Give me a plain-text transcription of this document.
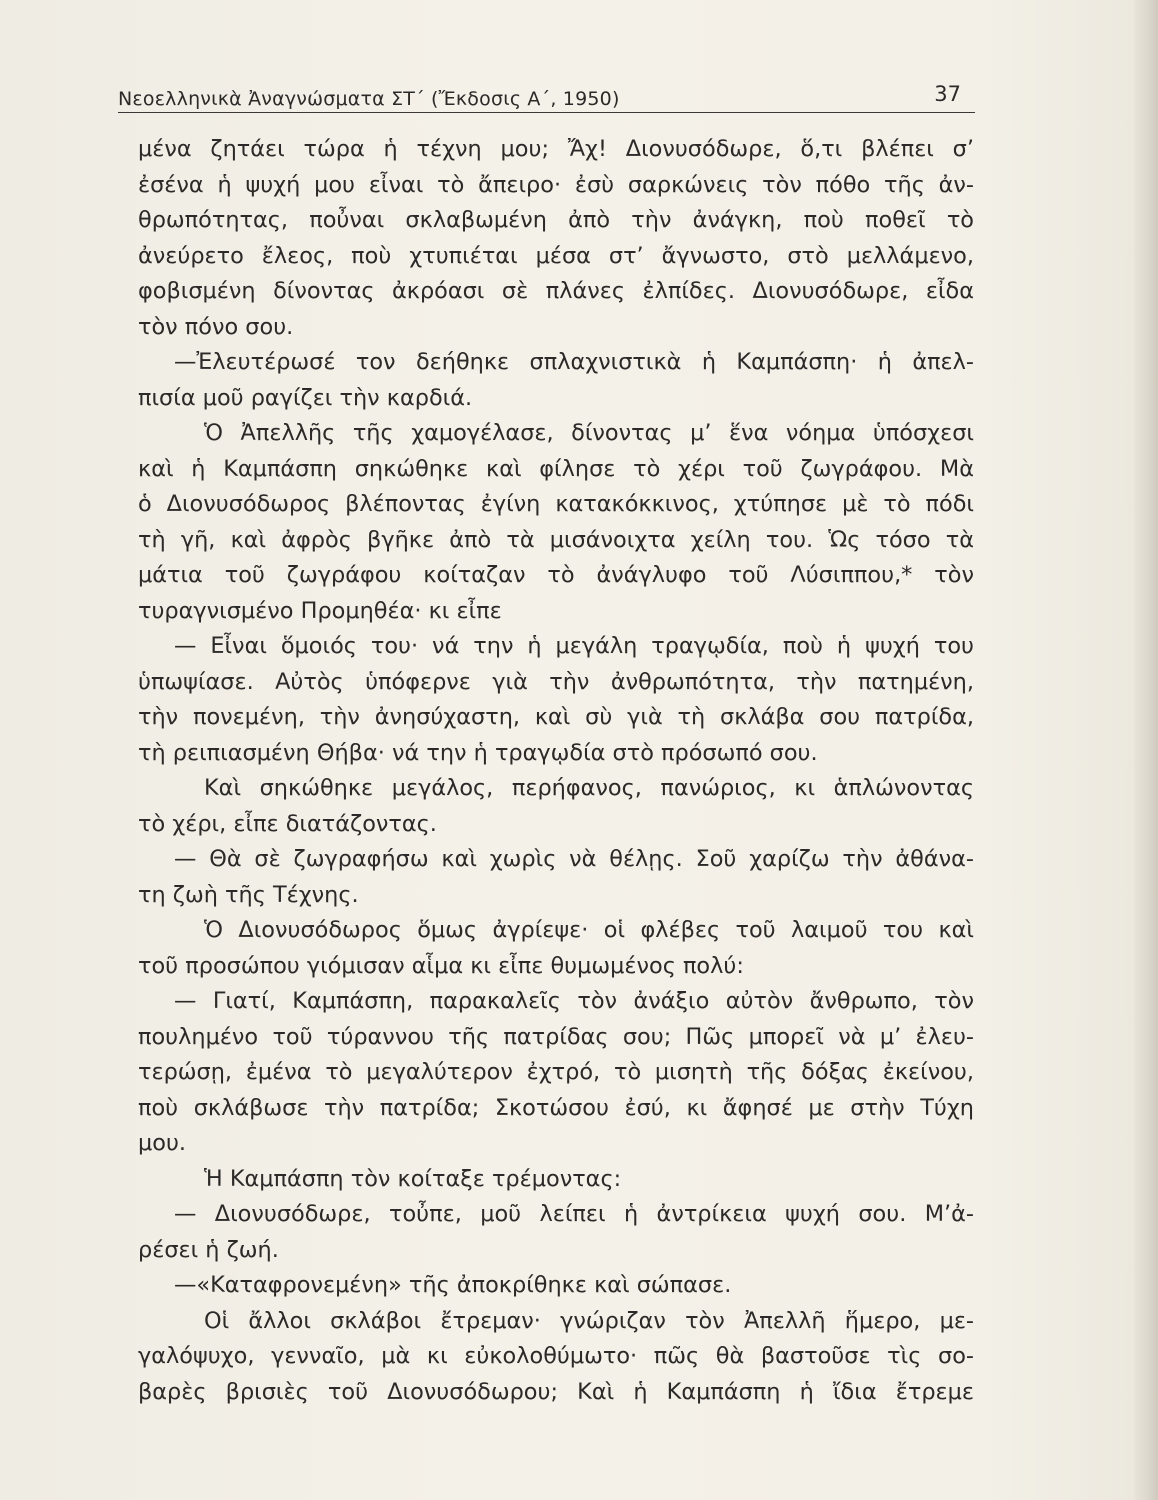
Νεοελληνικὰ Ἀναγνώσματα ΣΤ΄ (Ἔκδοσις Α΄, 1950)	37
μένα ζητάει τώρα ἡ τέχνη μου; Ἄχ! Διονυσόδωρε, ὅ,τι βλέπει σ’
ἐσένα ἡ ψυχή μου εἶναι τὸ ἄπειρο· ἐσὺ σαρκώνεις τὸν πόθο τῆς ἀν-
θρωπότητας, ποὖναι σκλαβωμένη ἀπὸ τὴν ἀνάγκη, ποὺ ποθεῖ τὸ
ἀνεύρετο ἔλεος, ποὺ χτυπιέται μέσα στ’ ἄγνωστο, στὸ μελλάμενο,
φοβισμένη δίνοντας ἀκρόασι σὲ πλάνες ἐλπίδες. Διονυσόδωρε, εἶδα
τὸν πόνο σου.
—Ἐλευτέρωσέ τον δεήθηκε σπλαχνιστικὰ ἡ Καμπάσπη· ἡ ἀπελ-
πισία μοῦ ραγίζει τὴν καρδιά.
Ὁ Ἀπελλῆς τῆς χαμογέλασε, δίνοντας μ’ ἕνα νόημα ὑπόσχεσι
καὶ ἡ Καμπάσπη σηκώθηκε καὶ φίλησε τὸ χέρι τοῦ ζωγράφου. Μὰ
ὁ Διονυσόδωρος βλέποντας ἐγίνη κατακόκκινος, χτύπησε μὲ τὸ πόδι
τὴ γῆ, καὶ ἀφρὸς βγῆκε ἀπὸ τὰ μισάνοιχτα χείλη του. Ὡς τόσο τὰ
μάτια τοῦ ζωγράφου κοίταζαν τὸ ἀνάγλυφο τοῦ Λύσιππου,* τὸν
τυραγνισμένο Προμηθέα· κι εἶπε
— Εἶναι ὅμοιός του· νά την ἡ μεγάλη τραγῳδία, ποὺ ἡ ψυχή του
ὑπωψίασε. Αὐτὸς ὑπόφερνε γιὰ τὴν ἀνθρωπότητα, τὴν πατημένη,
τὴν πονεμένη, τὴν ἀνησύχαστη, καὶ σὺ γιὰ τὴ σκλάβα σου πατρίδα,
τὴ ρειπιασμένη Θήβα· νά την ἡ τραγῳδία στὸ πρόσωπό σου.
Καὶ σηκώθηκε μεγάλος, περήφανος, πανώριος, κι ἁπλώνοντας
τὸ χέρι, εἶπε διατάζοντας.
— Θὰ σὲ ζωγραφήσω καὶ χωρὶς νὰ θέλῃς. Σοῦ χαρίζω τὴν ἀθάνα-
τη ζωὴ τῆς Τέχνης.
Ὁ Διονυσόδωρος ὅμως ἀγρίεψε· οἱ φλέβες τοῦ λαιμοῦ του καὶ
τοῦ προσώπου γιόμισαν αἷμα κι εἶπε θυμωμένος πολύ:
— Γιατί, Καμπάσπη, παρακαλεῖς τὸν ἀνάξιο αὐτὸν ἄνθρωπο, τὸν
πουλημένο τοῦ τύραννου τῆς πατρίδας σου; Πῶς μπορεῖ νὰ μ’ ἐλευ-
τερώσῃ, ἐμένα τὸ μεγαλύτερον ἐχτρό, τὸ μισητὴ τῆς δόξας ἐκείνου,
ποὺ σκλάβωσε τὴν πατρίδα; Σκοτώσου ἐσύ, κι ἄφησέ με στὴν Τύχη
μου.
Ἡ Καμπάσπη τὸν κοίταξε τρέμοντας:
— Διονυσόδωρε, τοὖπε, μοῦ λείπει ἡ ἀντρίκεια ψυχή σου. Μ’ἀ-
ρέσει ἡ ζωή.
—«Καταφρονεμένη» τῆς ἀποκρίθηκε καὶ σώπασε.
Οἱ ἄλλοι σκλάβοι ἔτρεμαν· γνώριζαν τὸν Ἀπελλῆ ἥμερο, με-
γαλόψυχο, γενναῖο, μὰ κι εὐκολοθύμωτο· πῶς θὰ βαστοῦσε τὶς σο-
βαρὲς βρισιὲς τοῦ Διονυσόδωρου; Καὶ ἡ Καμπάσπη ἡ ἴδια ἔτρεμε
